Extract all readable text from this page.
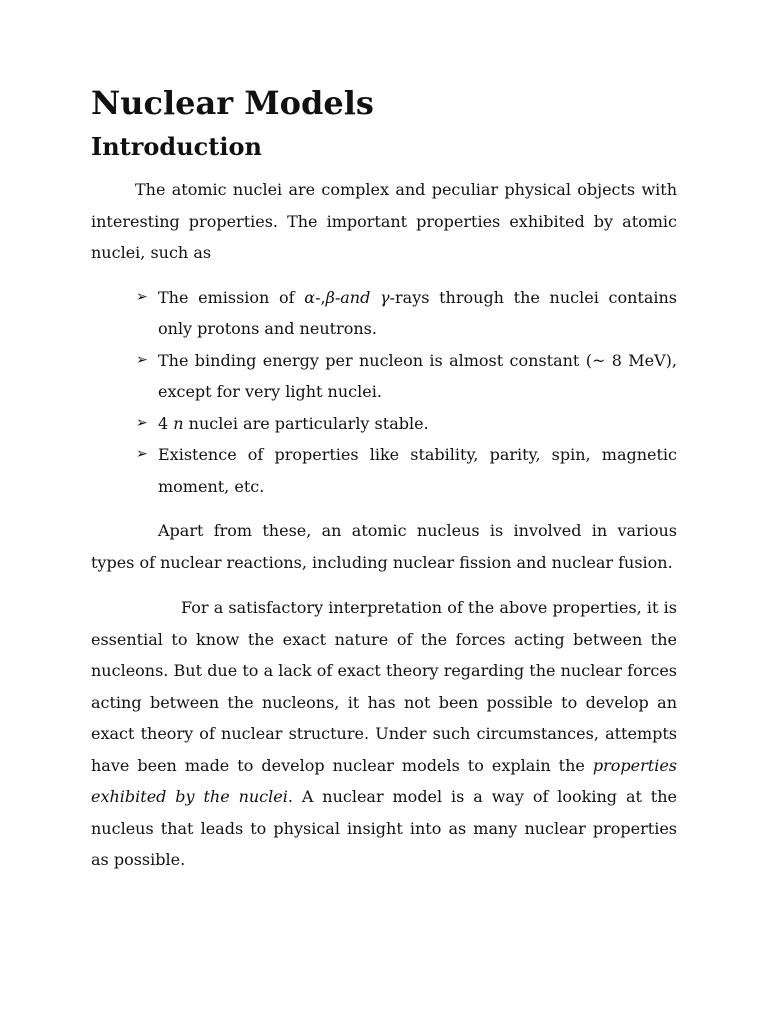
Nuclear Models
Introduction

The atomic nuclei are complex and peculiar physical objects with interesting properties. The important properties exhibited by atomic nuclei, such as

➢ The emission of α-,β-and γ-rays through the nuclei contains only protons and neutrons.
➢ The binding energy per nucleon is almost constant (~ 8 MeV), except for very light nuclei.
➢ 4 n nuclei are particularly stable.
➢ Existence of properties like stability, parity, spin, magnetic moment, etc.

Apart from these, an atomic nucleus is involved in various types of nuclear reactions, including nuclear fission and nuclear fusion.

For a satisfactory interpretation of the above properties, it is essential to know the exact nature of the forces acting between the nucleons. But due to a lack of exact theory regarding the nuclear forces acting between the nucleons, it has not been possible to develop an exact theory of nuclear structure. Under such circumstances, attempts have been made to develop nuclear models to explain the properties exhibited by the nuclei. A nuclear model is a way of looking at the nucleus that leads to physical insight into as many nuclear properties as possible.
